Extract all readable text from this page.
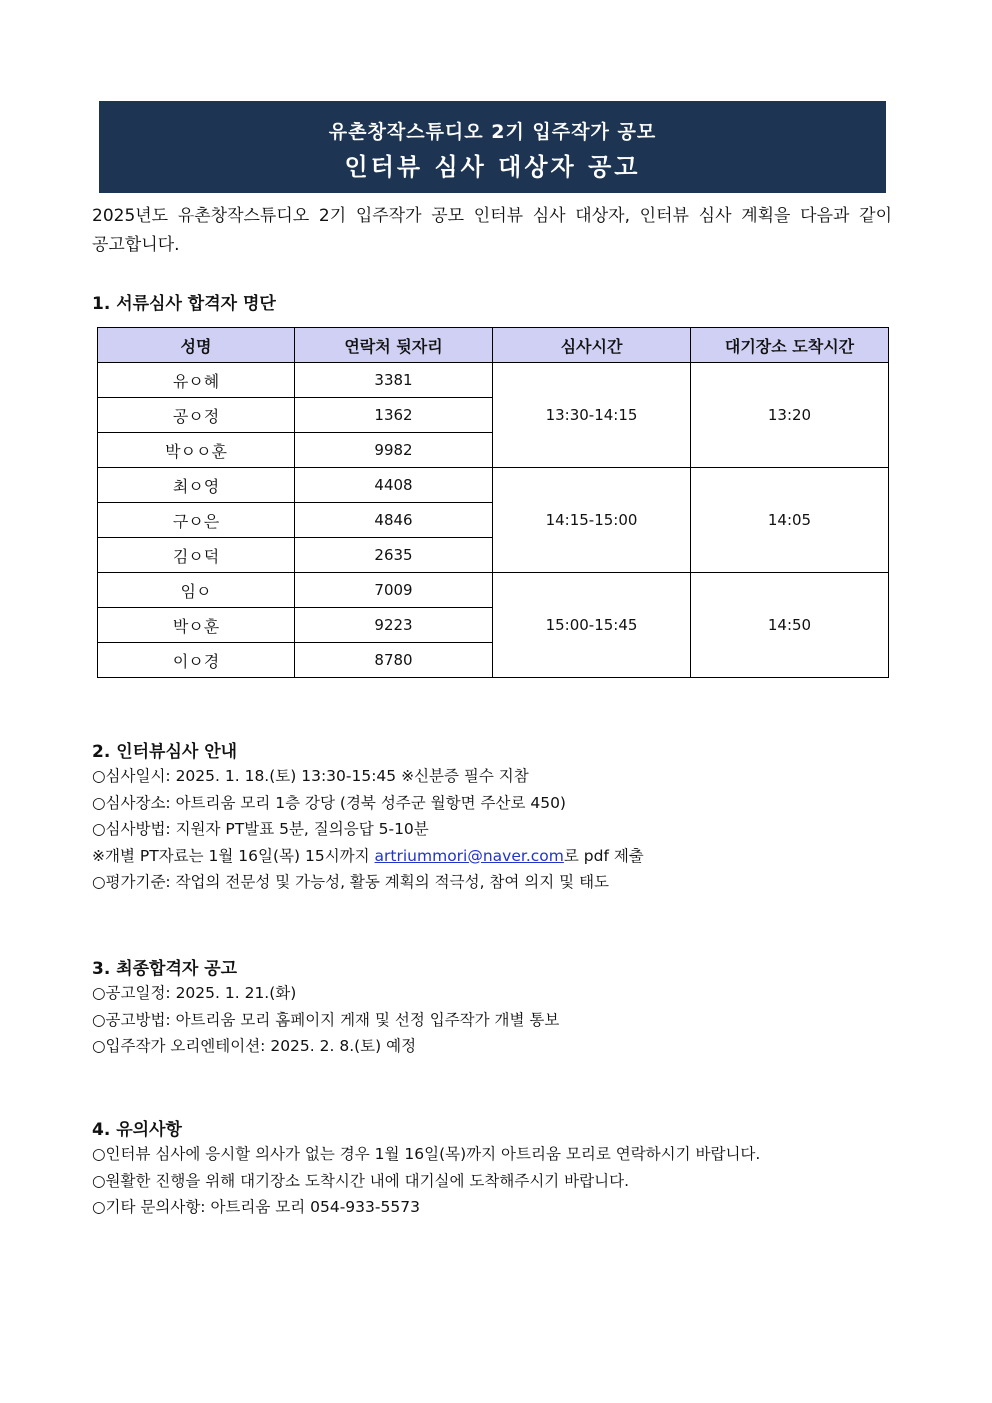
유촌창작스튜디오 2기 입주작가 공모
인터뷰 심사 대상자 공고
2025년도 유촌창작스튜디오 2기 입주작가 공모 인터뷰 심사 대상자, 인터뷰 심사 계획을 다음과 같이 공고합니다.
1. 서류심사 합격자 명단
성명	연락처 뒷자리	심사시간	대기장소 도착시간
유ㅇ혜	3381	13:30-14:15	13:20
공ㅇ정	1362		
박ㅇㅇ훈	9982		
최ㅇ영	4408	14:15-15:00	14:05
구ㅇ은	4846		
김ㅇ덕	2635		
임ㅇ	7009	15:00-15:45	14:50
박ㅇ훈	9223		
이ㅇ경	8780		
2. 인터뷰심사 안내
○심사일시: 2025. 1. 18.(토) 13:30-15:45 ※신분증 필수 지참
○심사장소: 아트리움 모리 1층 강당 (경북 성주군 월항면 주산로 450)
○심사방법: 지원자 PT발표 5분, 질의응답 5-10분
※개별 PT자료는 1월 16일(목) 15시까지 artriummori@naver.com로 pdf 제출
○평가기준: 작업의 전문성 및 가능성, 활동 계획의 적극성, 참여 의지 및 태도
3. 최종합격자 공고
○공고일정: 2025. 1. 21.(화)
○공고방법: 아트리움 모리 홈페이지 게재 및 선정 입주작가 개별 통보
○입주작가 오리엔테이션: 2025. 2. 8.(토) 예정
4. 유의사항
○인터뷰 심사에 응시할 의사가 없는 경우 1월 16일(목)까지 아트리움 모리로 연락하시기 바랍니다.
○원활한 진행을 위해 대기장소 도착시간 내에 대기실에 도착해주시기 바랍니다.
○기타 문의사항: 아트리움 모리 054-933-5573
